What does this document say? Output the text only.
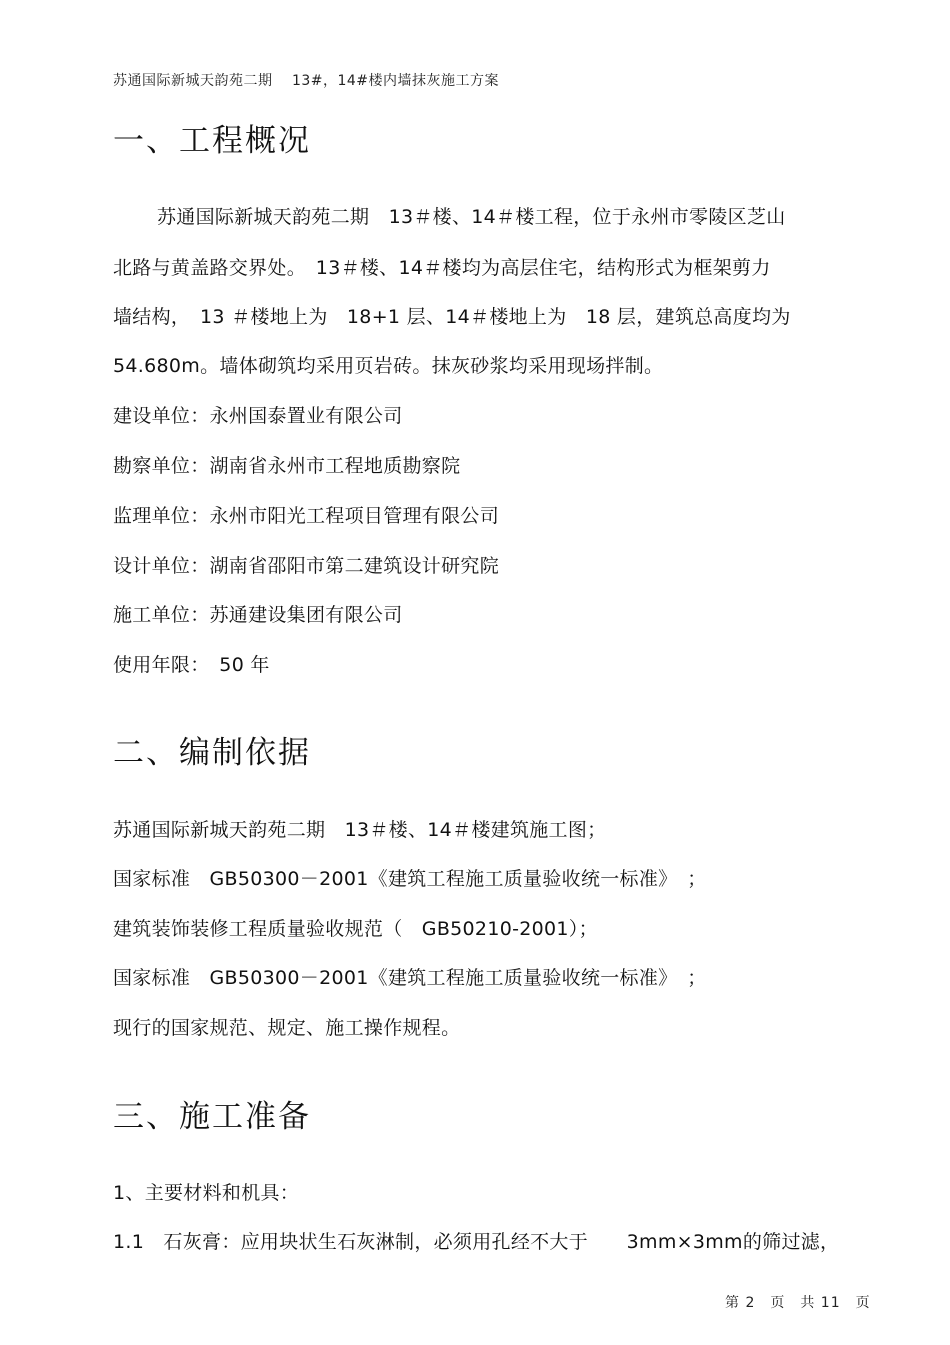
苏通国际新城天韵苑二期　 13#，14#楼内墙抹灰施工方案
一、工程概况
苏通国际新城天韵苑二期　13＃楼、14＃楼工程，位于永州市零陵区芝山
北路与黄盖路交界处。　13＃楼、14＃楼均为高层住宅，结构形式为框架剪力
墙结构，　13 ＃楼地上为　18+1 层、14＃楼地上为　18 层，建筑总高度均为
54.680m。墙体砌筑均采用页岩砖。抹灰砂浆均采用现场拌制。
建设单位：永州国泰置业有限公司
勘察单位：湖南省永州市工程地质勘察院
监理单位：永州市阳光工程项目管理有限公司
设计单位：湖南省邵阳市第二建筑设计研究院
施工单位：苏通建设集团有限公司
使用年限：　50 年
二、编制依据
苏通国际新城天韵苑二期　13＃楼、14＃楼建筑施工图；
国家标准　GB50300－2001《建筑工程施工质量验收统一标准》　；
建筑装饰装修工程质量验收规范（　GB50210-2001）；
国家标准　GB50300－2001《建筑工程施工质量验收统一标准》　；
现行的国家规范、规定、施工操作规程。
三、施工准备
1、主要材料和机具：
1.1　石灰膏：应用块状生石灰淋制，必须用孔经不大于　　3mm×3mm的筛过滤，
第 2　页　共 11　页
